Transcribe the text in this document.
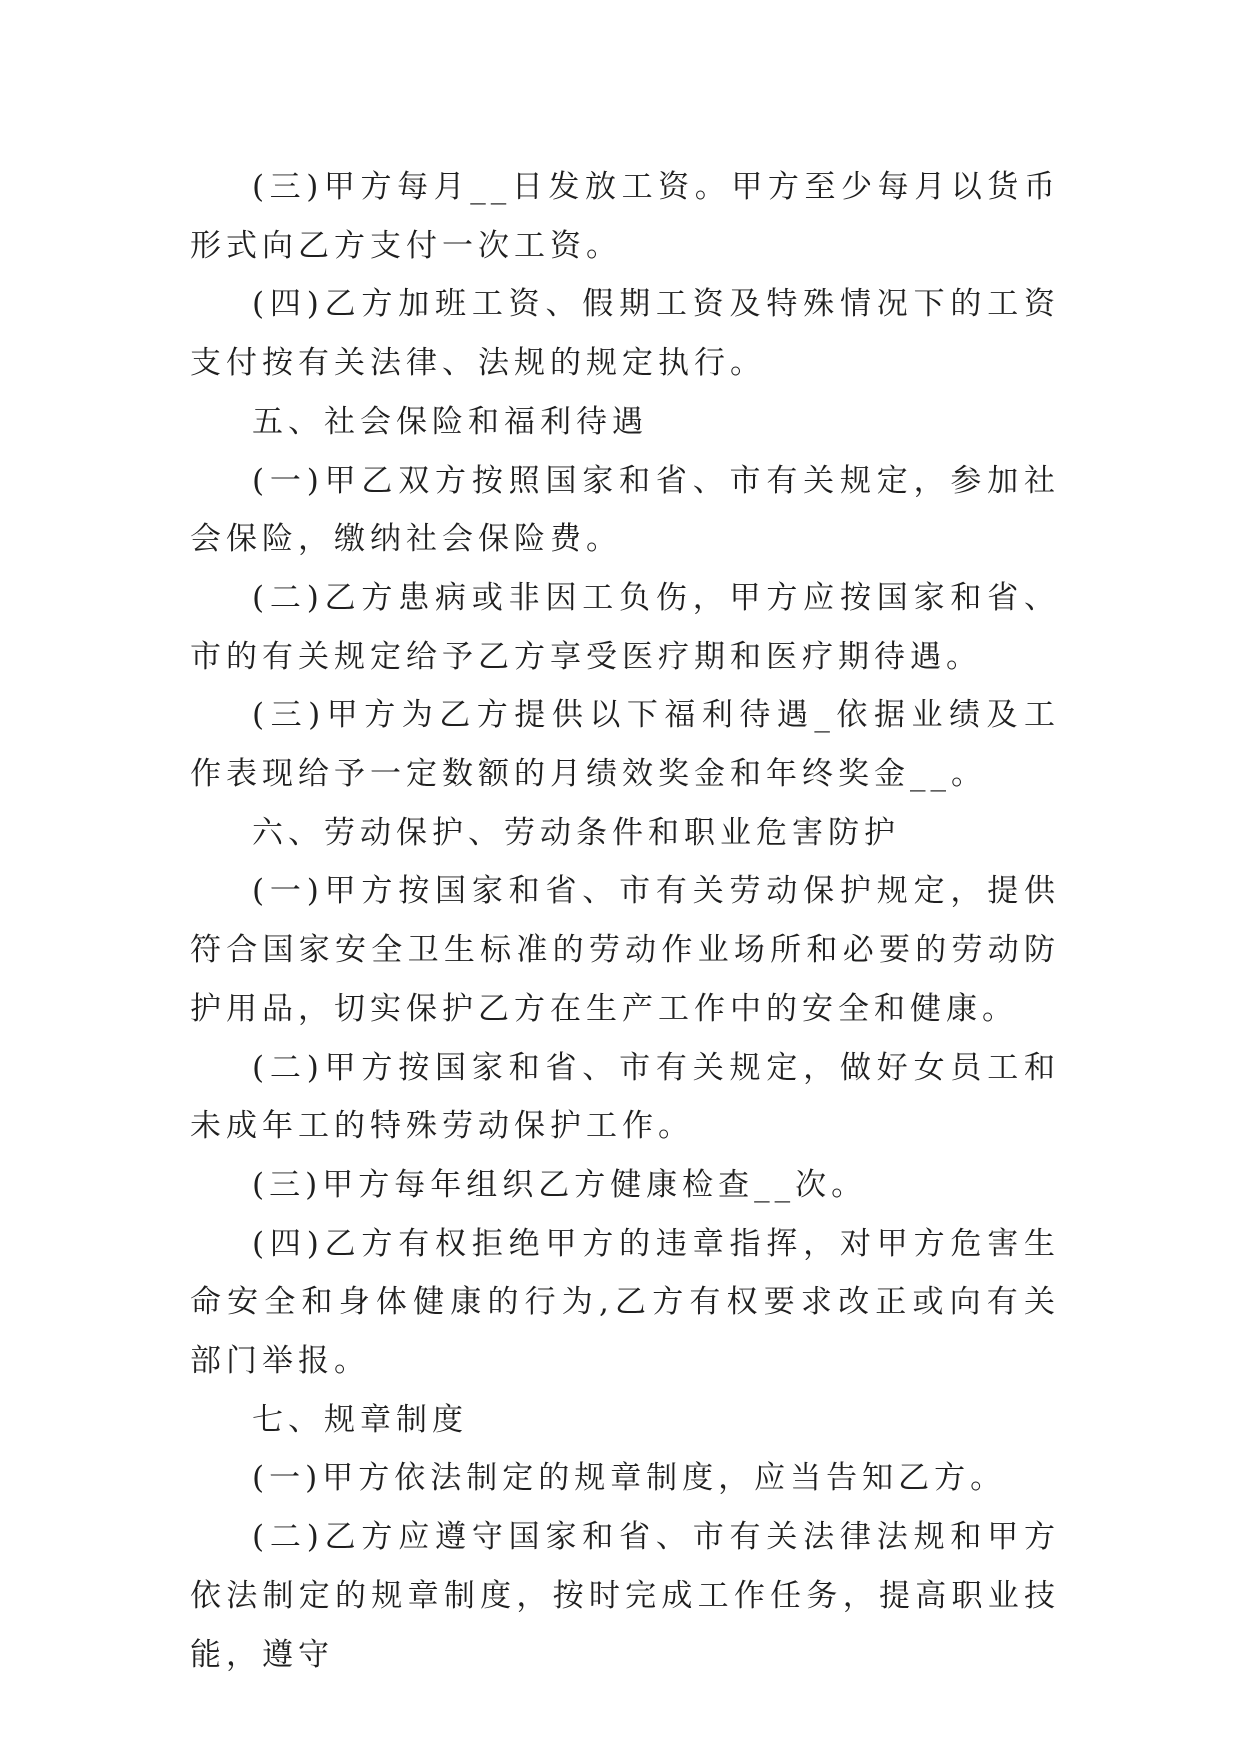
(三)甲方每月__日发放工资。甲方至少每月以货币形式向乙方支付一次工资。

(四)乙方加班工资、假期工资及特殊情况下的工资支付按有关法律、法规的规定执行。

五、社会保险和福利待遇

(一)甲乙双方按照国家和省、市有关规定，参加社会保险，缴纳社会保险费。

(二)乙方患病或非因工负伤，甲方应按国家和省、市的有关规定给予乙方享受医疗期和医疗期待遇。

(三)甲方为乙方提供以下福利待遇_依据业绩及工作表现给予一定数额的月绩效奖金和年终奖金__。

六、劳动保护、劳动条件和职业危害防护

(一)甲方按国家和省、市有关劳动保护规定，提供符合国家安全卫生标准的劳动作业场所和必要的劳动防护用品，切实保护乙方在生产工作中的安全和健康。

(二)甲方按国家和省、市有关规定，做好女员工和未成年工的特殊劳动保护工作。

(三)甲方每年组织乙方健康检查__次。

(四)乙方有权拒绝甲方的违章指挥，对甲方危害生命安全和身体健康的行为,乙方有权要求改正或向有关部门举报。

七、规章制度

(一)甲方依法制定的规章制度，应当告知乙方。

(二)乙方应遵守国家和省、市有关法律法规和甲方依法制定的规章制度，按时完成工作任务，提高职业技能，遵守
